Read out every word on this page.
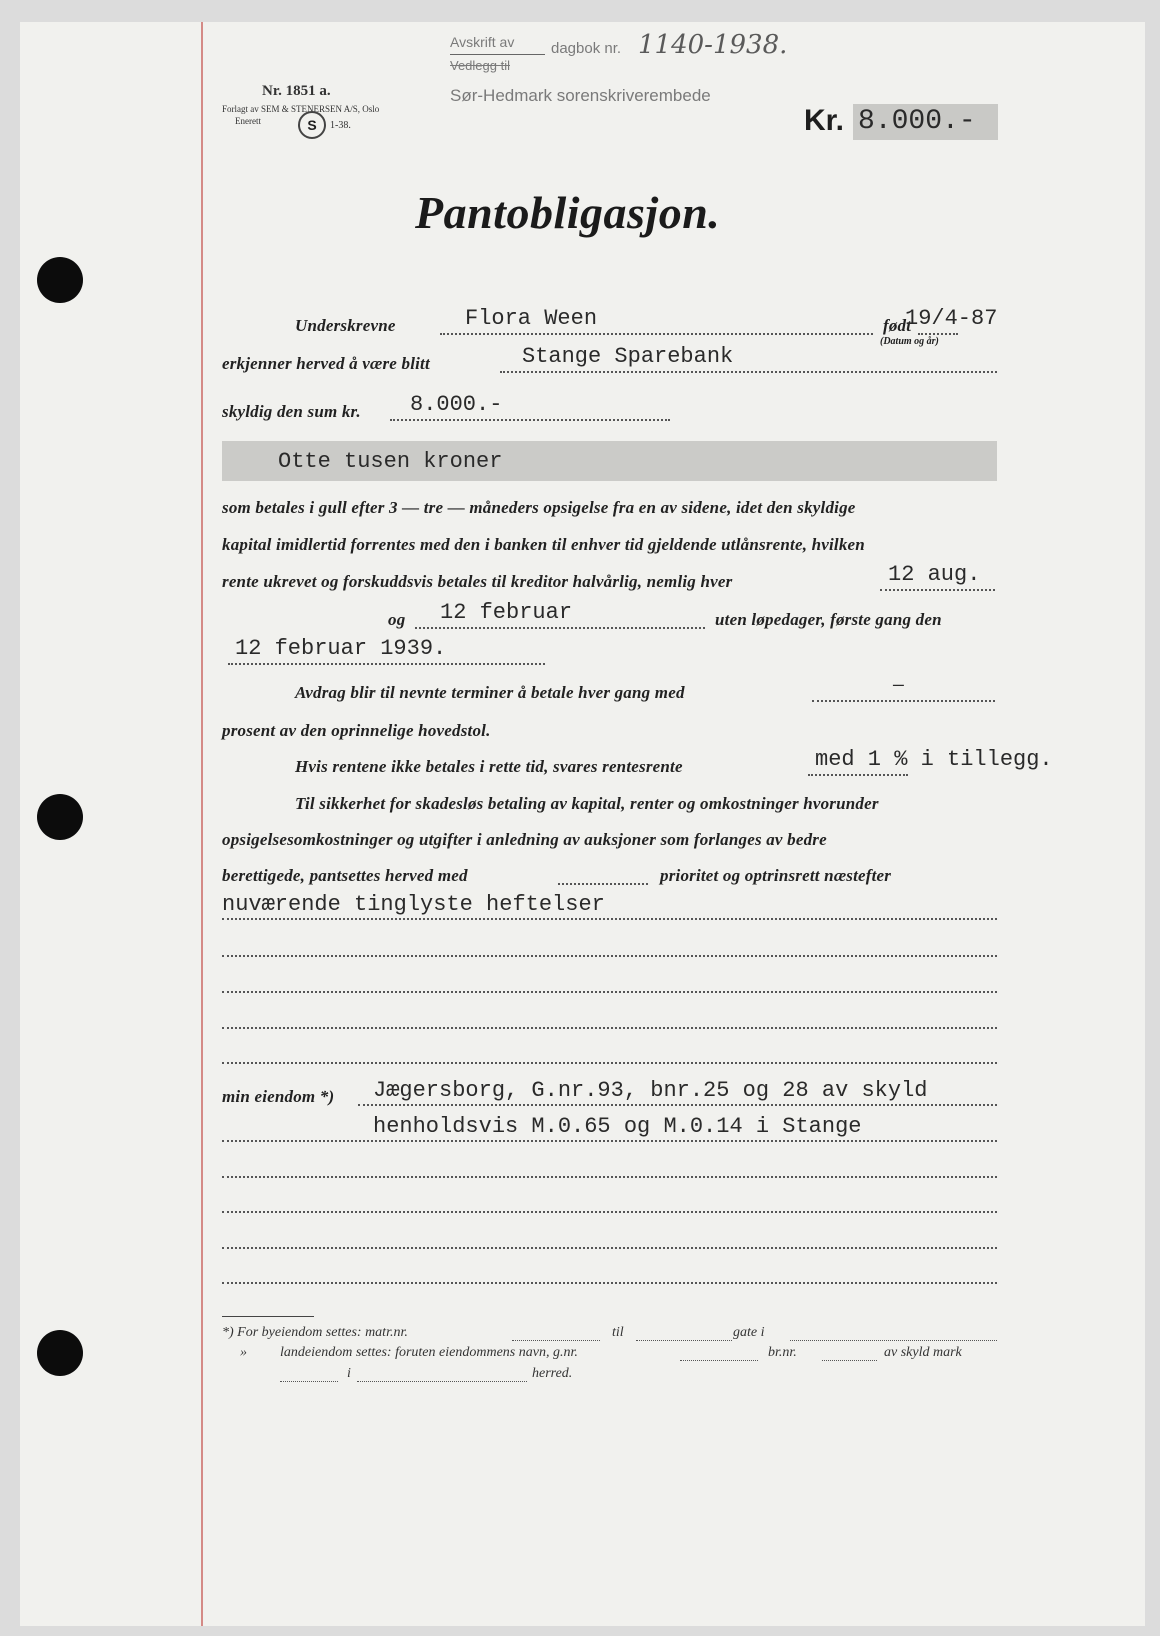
Nr. 1851 a.
Forlagt av SEM & STENERSEN A/S, Oslo
Enerett	S	1-38.
Avskrift av
Vedlegg til
dagbok nr. 1140-1938.
Sør-Hedmark sorenskriverembede
Kr. 8.000.-
Pantobligasjon.
Underskrevne	Flora Ween	født
19/4-87
(Datum og år)
erkjenner herved å være blitt	Stange Sparebank
skyldig den sum kr. 8.000.-
Otte tusen kroner
som betales i gull efter 3 — tre — måneders opsigelse fra en av sidene, idet den skyldige
kapital imidlertid forrentes med den i banken til enhver tid gjeldende utlånsrente, hvilken
rente ukrevet og forskuddsvis betales til kreditor halvårlig, nemlig hver	12 aug.
og 12 februar	uten løpedager, første gang den
12 februar 1939.
Avdrag blir til nevnte terminer å betale hver gang med	—
prosent av den oprinnelige hovedstol.
Hvis rentene ikke betales i rette tid, svares rentesrente	med 1 % i tillegg.
Til sikkerhet for skadesløs betaling av kapital, renter og omkostninger hvorunder
opsigelsesomkostninger og utgifter i anledning av auksjoner som forlanges av bedre
berettigede, pantsettes herved med	prioritet og optrinsrett næstefter
nuværende tinglyste heftelser
min eiendom *) Jægersborg, G.nr.93, bnr.25 og 28 av skyld
henholdsvis M.0.65 og M.0.14 i Stange
*) For byeiendom settes: matr.nr.	til	gate i
» landeiendom settes: foruten eiendommens navn, g.nr.	br.nr.	av skyld mark
i	herred.
